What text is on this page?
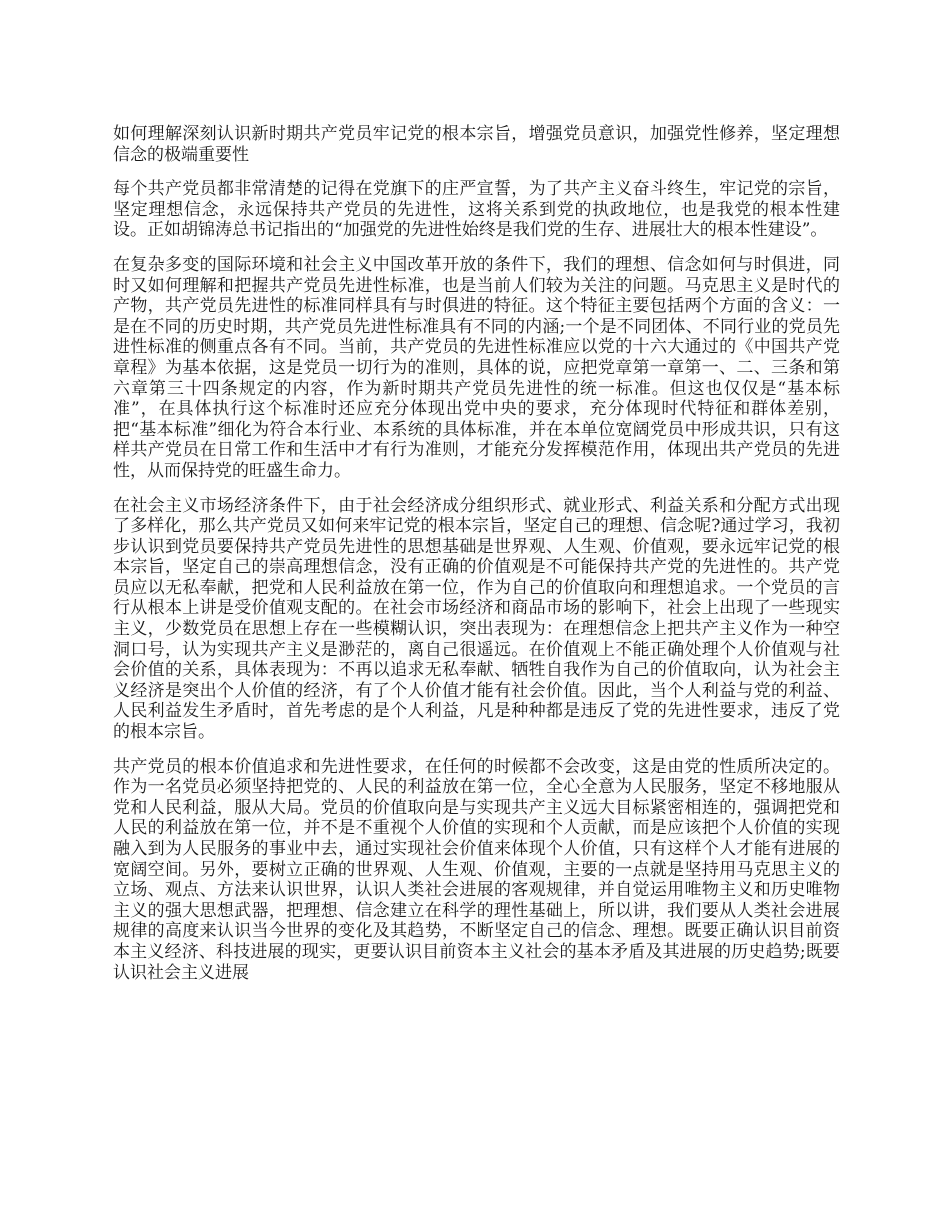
如何理解深刻认识新时期共产党员牢记党的根本宗旨，增强党员意识，加强党性修养，坚定理想信念的极端重要性

每个共产党员都非常清楚的记得在党旗下的庄严宣誓，为了共产主义奋斗终生，牢记党的宗旨，坚定理想信念，永远保持共产党员的先进性，这将关系到党的执政地位，也是我党的根本性建设。正如胡锦涛总书记指出的“加强党的先进性始终是我们党的生存、进展壮大的根本性建设”。

在复杂多变的国际环境和社会主义中国改革开放的条件下，我们的理想、信念如何与时俱进，同时又如何理解和把握共产党员先进性标准，也是当前人们较为关注的问题。马克思主义是时代的产物，共产党员先进性的标准同样具有与时俱进的特征。这个特征主要包括两个方面的含义：一是在不同的历史时期，共产党员先进性标准具有不同的内涵;一个是不同团体、不同行业的党员先进性标准的侧重点各有不同。当前，共产党员的先进性标准应以党的十六大通过的《中国共产党章程》为基本依据，这是党员一切行为的准则，具体的说，应把党章第一章第一、二、三条和第六章第三十四条规定的内容，作为新时期共产党员先进性的统一标准。但这也仅仅是“基本标准”，在具体执行这个标准时还应充分体现出党中央的要求，充分体现时代特征和群体差别，把“基本标准”细化为符合本行业、本系统的具体标准，并在本单位宽阔党员中形成共识，只有这样共产党员在日常工作和生活中才有行为准则，才能充分发挥模范作用，体现出共产党员的先进性，从而保持党的旺盛生命力。

在社会主义市场经济条件下，由于社会经济成分组织形式、就业形式、利益关系和分配方式出现了多样化，那么共产党员又如何来牢记党的根本宗旨，坚定自己的理想、信念呢?通过学习，我初步认识到党员要保持共产党员先进性的思想基础是世界观、人生观、价值观，要永远牢记党的根本宗旨，坚定自己的崇高理想信念，没有正确的价值观是不可能保持共产党的先进性的。共产党员应以无私奉献，把党和人民利益放在第一位，作为自己的价值取向和理想追求。一个党员的言行从根本上讲是受价值观支配的。在社会市场经济和商品市场的影响下，社会上出现了一些现实主义，少数党员在思想上存在一些模糊认识，突出表现为：在理想信念上把共产主义作为一种空洞口号，认为实现共产主义是渺茫的，离自己很遥远。在价值观上不能正确处理个人价值观与社会价值的关系，具体表现为：不再以追求无私奉献、牺牲自我作为自己的价值取向，认为社会主义经济是突出个人价值的经济，有了个人价值才能有社会价值。因此，当个人利益与党的利益、人民利益发生矛盾时，首先考虑的是个人利益，凡是种种都是违反了党的先进性要求，违反了党的根本宗旨。

共产党员的根本价值追求和先进性要求，在任何的时候都不会改变，这是由党的性质所决定的。作为一名党员必须坚持把党的、人民的利益放在第一位，全心全意为人民服务，坚定不移地服从党和人民利益，服从大局。党员的价值取向是与实现共产主义远大目标紧密相连的，强调把党和人民的利益放在第一位，并不是不重视个人价值的实现和个人贡献，而是应该把个人价值的实现融入到为人民服务的事业中去，通过实现社会价值来体现个人价值，只有这样个人才能有进展的宽阔空间。另外，要树立正确的世界观、人生观、价值观，主要的一点就是坚持用马克思主义的立场、观点、方法来认识世界，认识人类社会进展的客观规律，并自觉运用唯物主义和历史唯物主义的强大思想武器，把理想、信念建立在科学的理性基础上，所以讲，我们要从人类社会进展规律的高度来认识当今世界的变化及其趋势，不断坚定自己的信念、理想。既要正确认识目前资本主义经济、科技进展的现实，更要认识目前资本主义社会的基本矛盾及其进展的历史趋势;既要认识社会主义进展
